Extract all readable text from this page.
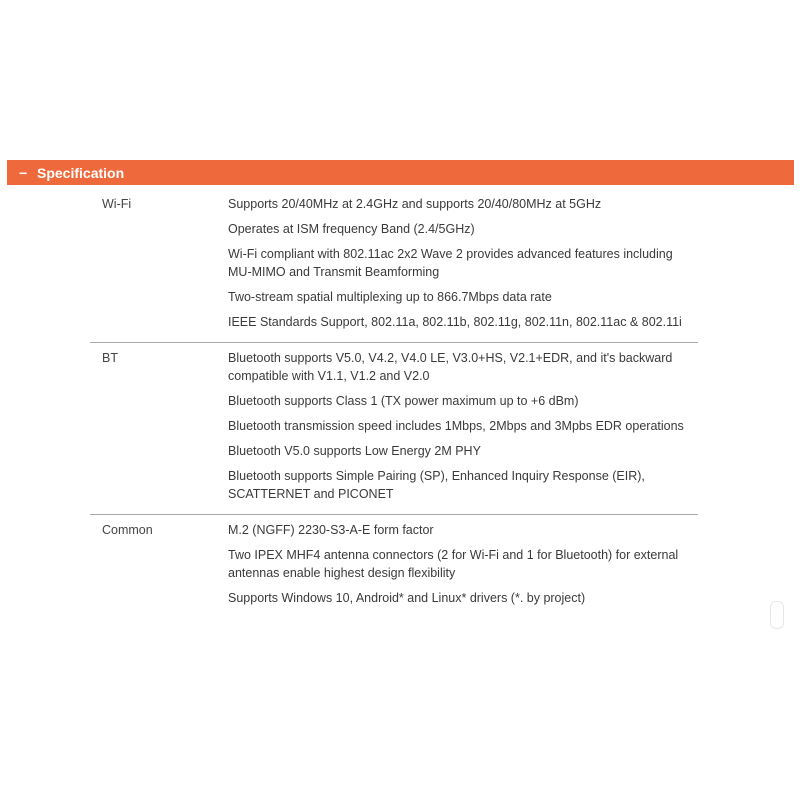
− Specification
Wi-Fi	Supports 20/40MHz at 2.4GHz and supports 20/40/80MHz at 5GHz
Operates at ISM frequency Band (2.4/5GHz)
Wi-Fi compliant with 802.11ac 2x2 Wave 2 provides advanced features including MU-MIMO and Transmit Beamforming
Two-stream spatial multiplexing up to 866.7Mbps data rate
IEEE Standards Support, 802.11a, 802.11b, 802.11g, 802.11n, 802.11ac & 802.11i
BT	Bluetooth supports V5.0, V4.2, V4.0 LE, V3.0+HS, V2.1+EDR, and it's backward compatible with V1.1, V1.2 and V2.0
Bluetooth supports Class 1 (TX power maximum up to +6 dBm)
Bluetooth transmission speed includes 1Mbps, 2Mbps and 3Mpbs EDR operations
Bluetooth V5.0 supports Low Energy 2M PHY
Bluetooth supports Simple Pairing (SP), Enhanced Inquiry Response (EIR), SCATTERNET and PICONET
Common	M.2 (NGFF) 2230-S3-A-E form factor
Two IPEX MHF4 antenna connectors (2 for Wi-Fi and 1 for Bluetooth) for external antennas enable highest design flexibility
Supports Windows 10, Android* and Linux* drivers (*. by project)
